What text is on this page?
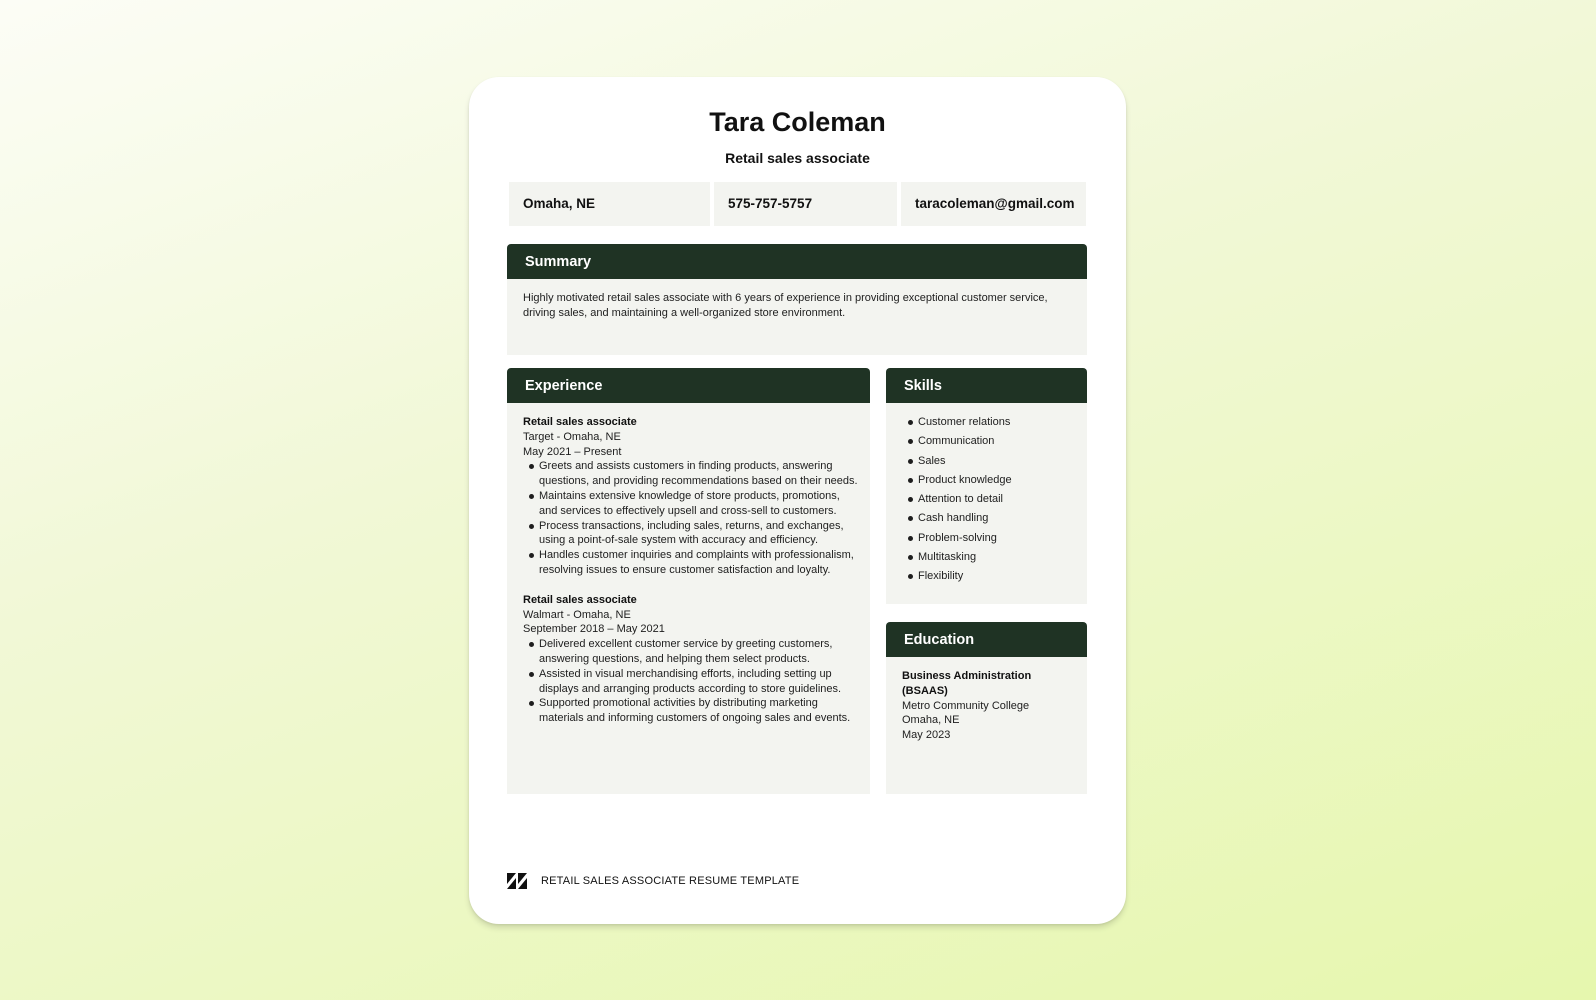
Tara Coleman
Retail sales associate
Omaha, NE	575-757-5757	taracoleman@gmail.com
Summary
Highly motivated retail sales associate with 6 years of experience in providing exceptional customer service, driving sales, and maintaining a well-organized store environment.
Experience
Retail sales associate
Target - Omaha, NE
May 2021 – Present
Greets and assists customers in finding products, answering questions, and providing recommendations based on their needs.
Maintains extensive knowledge of store products, promotions, and services to effectively upsell and cross-sell to customers.
Process transactions, including sales, returns, and exchanges, using a point-of-sale system with accuracy and efficiency.
Handles customer inquiries and complaints with professionalism, resolving issues to ensure customer satisfaction and loyalty.
Retail sales associate
Walmart - Omaha, NE
September 2018 – May 2021
Delivered excellent customer service by greeting customers, answering questions, and helping them select products.
Assisted in visual merchandising efforts, including setting up displays and arranging products according to store guidelines.
Supported promotional activities by distributing marketing materials and informing customers of ongoing sales and events.
Skills
Customer relations
Communication
Sales
Product knowledge
Attention to detail
Cash handling
Problem-solving
Multitasking
Flexibility
Education
Business Administration (BSAAS)
Metro Community College
Omaha, NE
May 2023
RETAIL SALES ASSOCIATE RESUME TEMPLATE
